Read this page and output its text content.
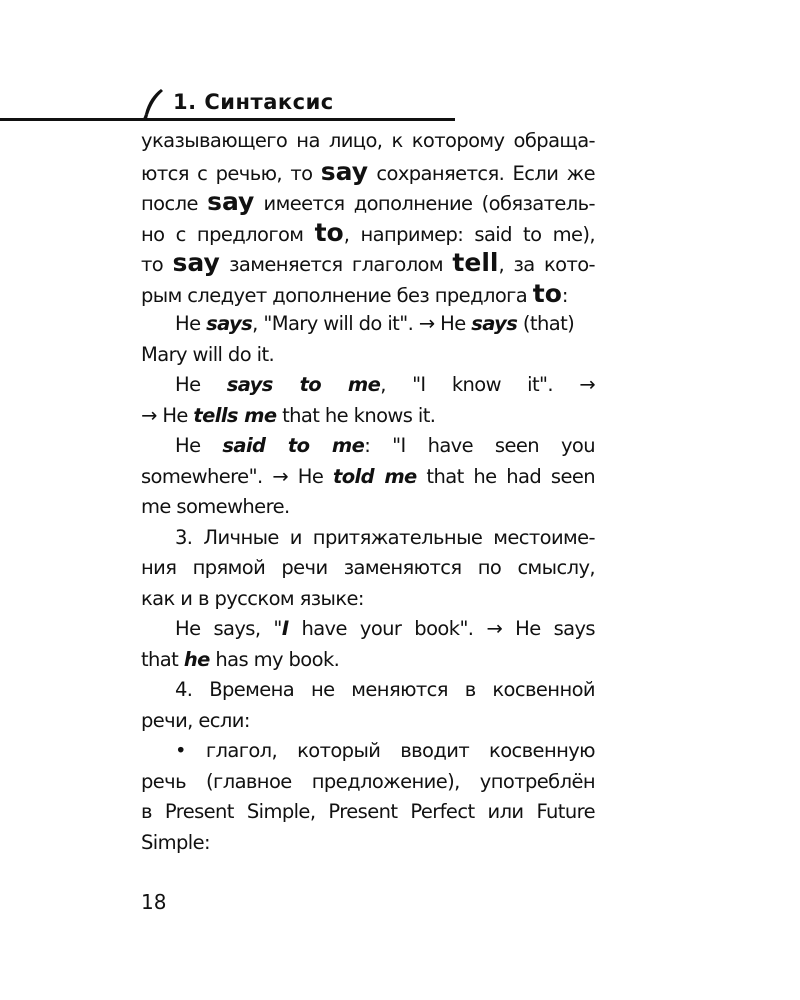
1. Синтаксис
указывающего на лицо, к которому обраща-
ются с речью, то say сохраняется. Если же
после say имеется дополнение (обязатель-
но с предлогом to, например: said to me),
то say заменяется глаголом tell, за кото-
рым следует дополнение без предлога to:
He says, "Mary will do it". → He says (that)
Mary will do it.
He says to me, "I know it". →
→ He tells me that he knows it.
He said to me: "I have seen you
somewhere". → He told me that he had seen
me somewhere.
3. Личные и притяжательные местоиме-
ния прямой речи заменяются по смыслу,
как и в русском языке:
He says, "I have your book". → He says
that he has my book.
4. Времена не меняются в косвенной
речи, если:
• глагол, который вводит косвенную
речь (главное предложение), употреблён
в Present Simple, Present Perfect или Future
Simple:
18
